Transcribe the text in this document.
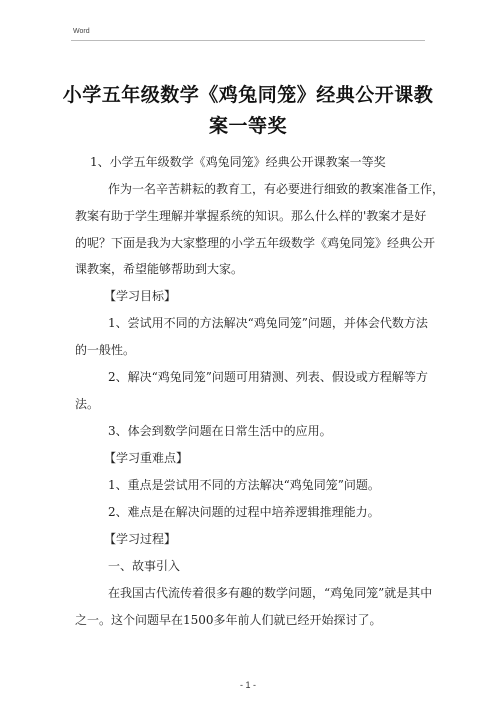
Word
小学五年级数学《鸡兔同笼》经典公开课教
案一等奖
1、小学五年级数学《鸡兔同笼》经典公开课教案一等奖
作为一名辛苦耕耘的教育工，有必要进行细致的教案准备工作，
教案有助于学生理解并掌握系统的知识。那么什么样的'教案才是好
的呢？下面是我为大家整理的小学五年级数学《鸡兔同笼》经典公开
课教案，希望能够帮助到大家。
【学习目标】
1、尝试用不同的方法解决“鸡兔同笼”问题，并体会代数方法
的一般性。
2、解决“鸡兔同笼”问题可用猜测、列表、假设或方程解等方
法。
3、体会到数学问题在日常生活中的应用。
【学习重难点】
1、重点是尝试用不同的方法解决“鸡兔同笼”问题。
2、难点是在解决问题的过程中培养逻辑推理能力。
【学习过程】
一、故事引入
在我国古代流传着很多有趣的数学问题，“鸡兔同笼”就是其中
之一。这个问题早在1500多年前人们就已经开始探讨了。
- 1 -
